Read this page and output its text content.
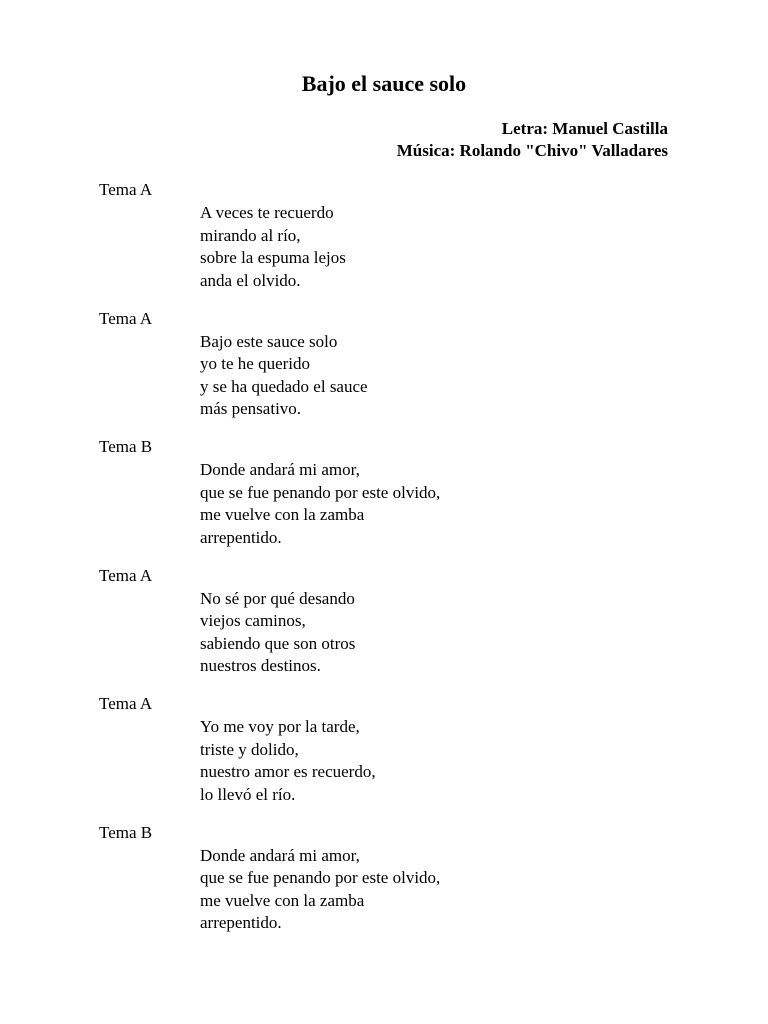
Bajo el sauce solo
Letra: Manuel Castilla
Música: Rolando "Chivo" Valladares
Tema A
A veces te recuerdo
mirando al río,
sobre la espuma lejos
anda el olvido.
Tema A
Bajo este sauce solo
yo te he querido
y se ha quedado el sauce
más pensativo.
Tema B
Donde andará mi amor,
que se fue penando por este olvido,
me vuelve con la zamba
arrepentido.
Tema A
No sé por qué desando
viejos caminos,
sabiendo que son otros
nuestros destinos.
Tema A
Yo me voy por la tarde,
triste y dolido,
nuestro amor es recuerdo,
lo llevó el río.
Tema B
Donde andará mi amor,
que se fue penando por este olvido,
me vuelve con la zamba
arrepentido.
